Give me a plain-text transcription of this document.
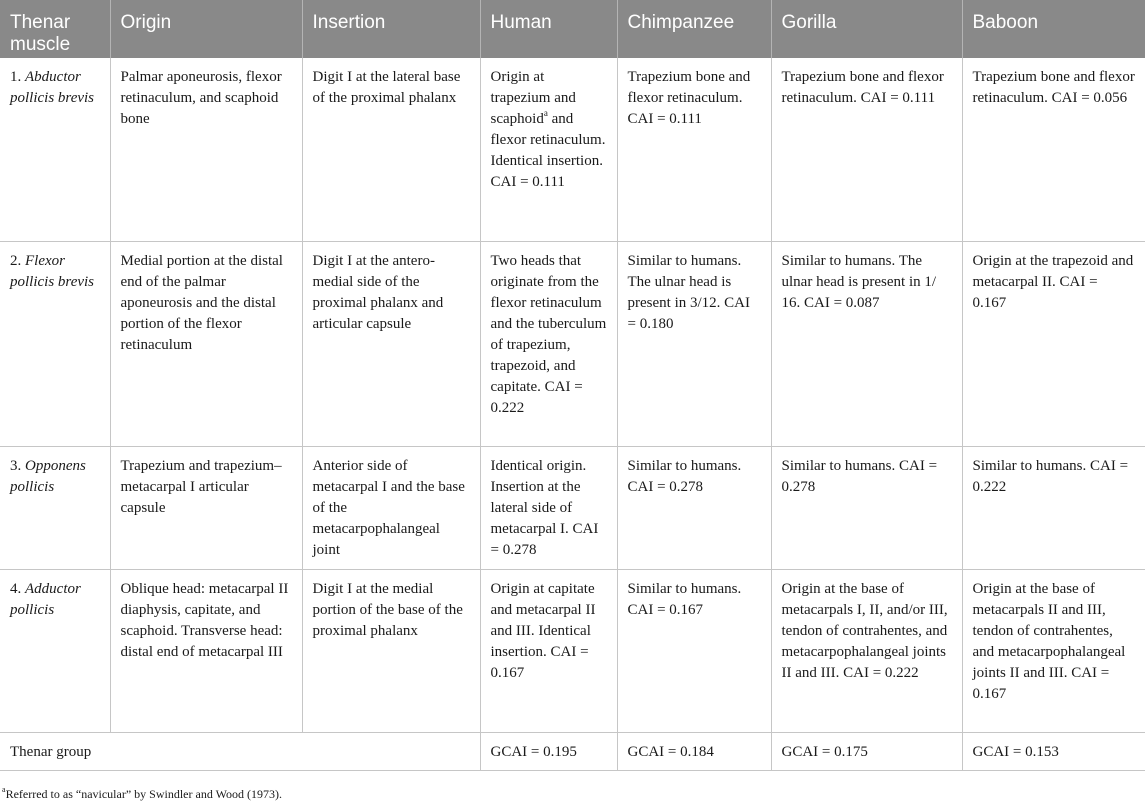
Thenar muscle	Origin	Insertion	Human	Chimpanzee	Gorilla	Baboon
1. Abductor pollicis brevis	Palmar aponeurosis, flexor retinaculum, and scaphoid bone	Digit I at the lateral base of the proximal phalanx	Origin at trapezium and scaphoid$^a$ and flexor retinaculum. Identical insertion. CAI = 0.111	Trapezium bone and flexor retinaculum. CAI = 0.111	Trapezium bone and flexor retinaculum. CAI = 0.111	Trapezium bone and flexor retinaculum. CAI = 0.056
2. Flexor pollicis brevis	Medial portion at the distal end of the palmar aponeurosis and the distal portion of the flexor retinaculum	Digit I at the antero-medial side of the proximal phalanx and articular capsule	Two heads that originate from the flexor retinaculum and the tuberculum of trapezium, trapezoid, and capitate. CAI = 0.222	Similar to humans. The ulnar head is present in 3/12. CAI = 0.180	Similar to humans. The ulnar head is present in 1/ 16. CAI = 0.087	Origin at the trapezoid and metacarpal II. CAI = 0.167
3. Opponens pollicis	Trapezium and trapezium–metacarpal I articular capsule	Anterior side of metacarpal I and the base of the metacarpophalangeal joint	Identical origin. Insertion at the lateral side of metacarpal I. CAI = 0.278	Similar to humans. CAI = 0.278	Similar to humans. CAI = 0.278	Similar to humans. CAI = 0.222
4. Adductor pollicis	Oblique head: metacarpal II diaphysis, capitate, and scaphoid. Transverse head: distal end of metacarpal III	Digit I at the medial portion of the base of the proximal phalanx	Origin at capitate and metacarpal II and III. Identical insertion. CAI = 0.167	Similar to humans. CAI = 0.167	Origin at the base of metacarpals I, II, and/or III, tendon of contrahentes, and metacarpophalangeal joints II and III. CAI = 0.222	Origin at the base of metacarpals II and III, tendon of contrahentes, and metacarpophalangeal joints II and III. CAI = 0.167
Thenar group			GCAI = 0.195	GCAI = 0.184	GCAI = 0.175	GCAI = 0.153
$^a$Referred to as “navicular” by Swindler and Wood (1973).
